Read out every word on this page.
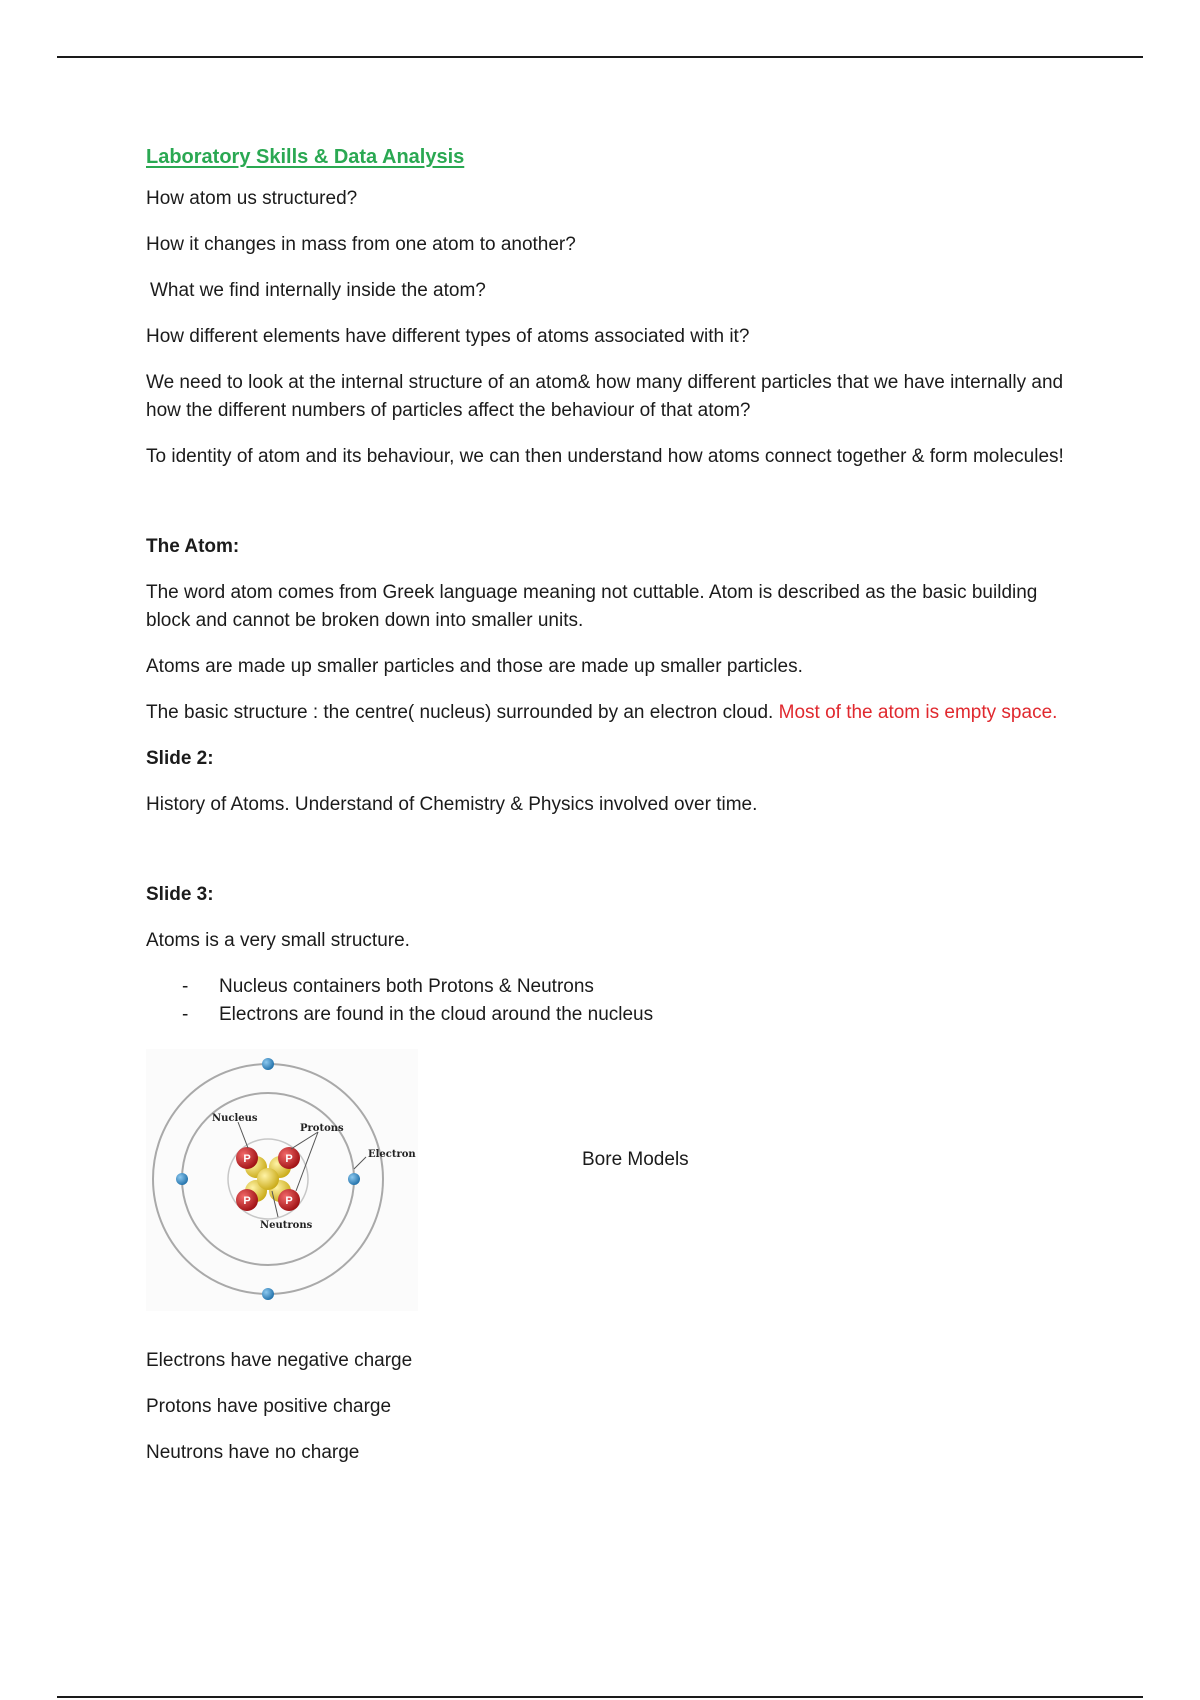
Laboratory Skills & Data Analysis

How atom us structured?

How it changes in mass from one atom to another?

What we find internally inside the atom?

How different elements have different types of atoms associated with it?

We need to look at the internal structure of an atom& how many different particles that we have internally and how the different numbers of particles affect the behaviour of that atom?

To identity of atom and its behaviour, we can then understand how atoms connect together & form molecules!

The Atom:

The word atom comes from Greek language meaning not cuttable. Atom is described as the basic building block and cannot be broken down into smaller units.

Atoms are made up smaller particles and those are made up smaller particles.

The basic structure : the centre( nucleus) surrounded by an electron cloud. Most of the atom is empty space.

Slide 2:

History of Atoms. Understand of Chemistry & Physics involved over time.

Slide 3:

Atoms is a very small structure.

- Nucleus containers both Protons & Neutrons
- Electrons are found in the cloud around the nucleus
P	P
P	P
Nucleus
Protons
Electron
Neutrons
Bore Models

Electrons have negative charge

Protons have positive charge

Neutrons have no charge
